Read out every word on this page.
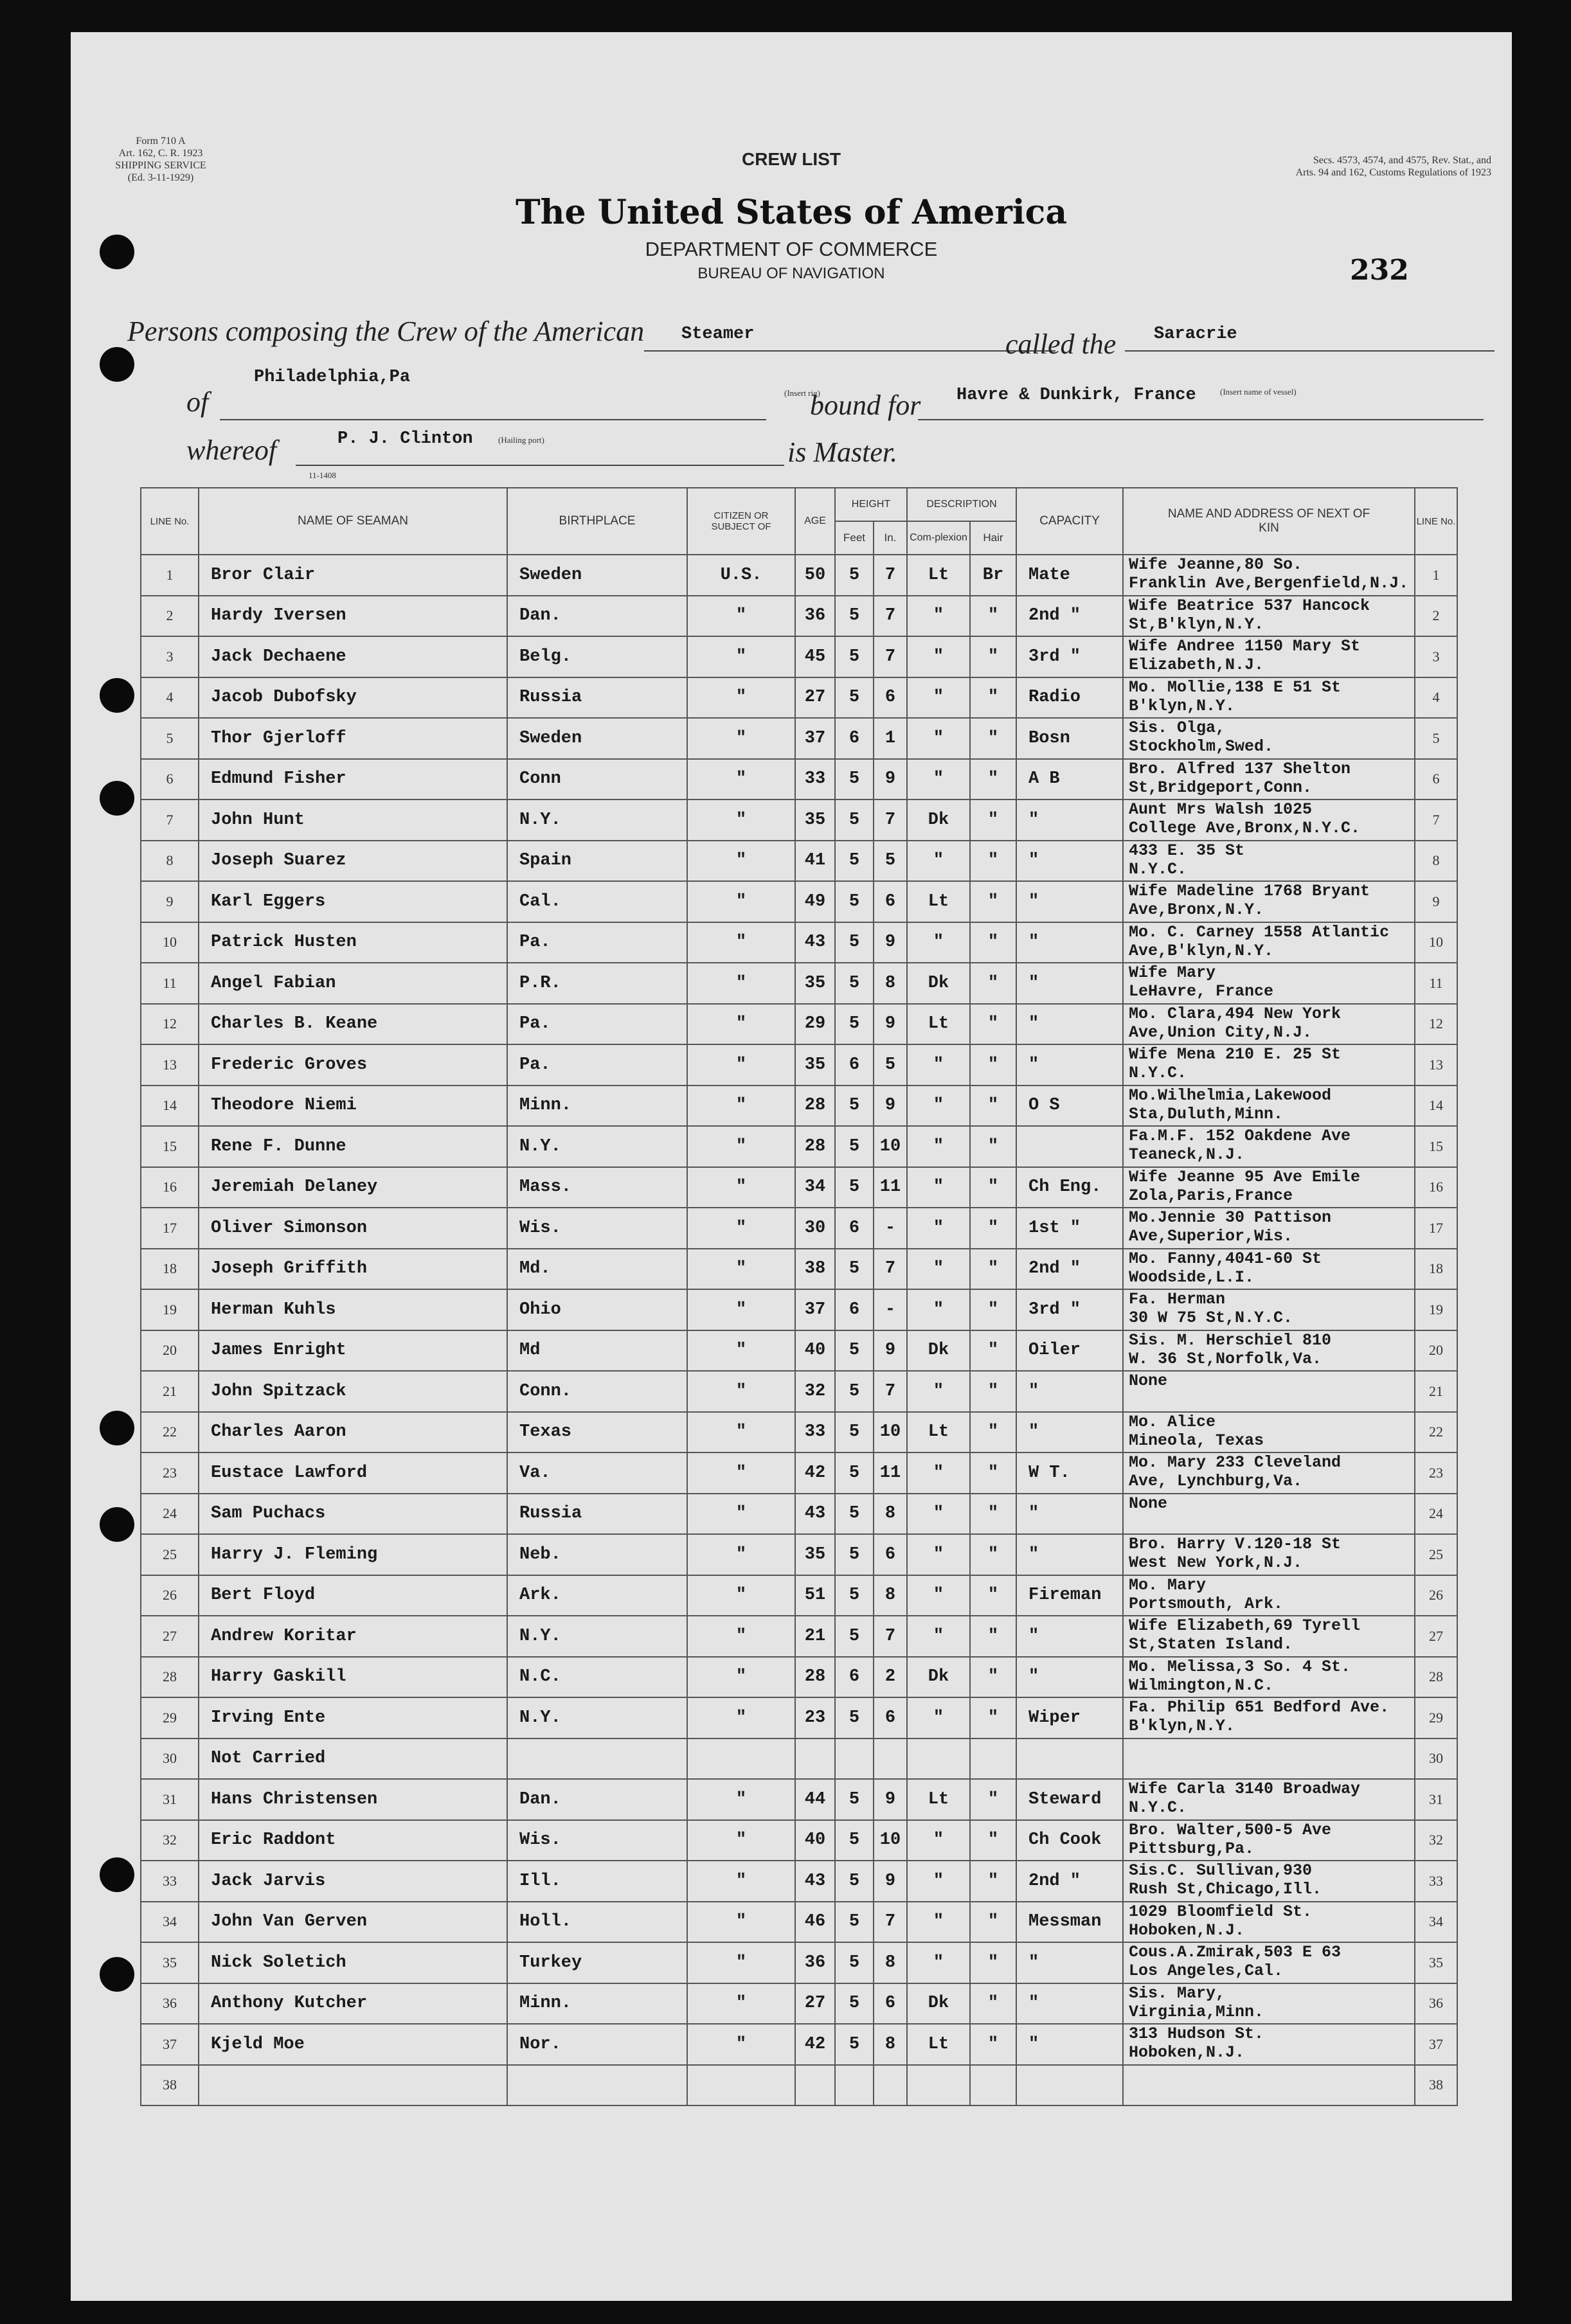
Form 710 A
Art. 162, C. R. 1923
SHIPPING SERVICE
(Ed. 3-11-1929)
Secs. 4573, 4574, and 4575, Rev. Stat., and
Arts. 94 and 162, Customs Regulations of 1923
CREW LIST
The United States of America
DEPARTMENT OF COMMERCE
BUREAU OF NAVIGATION	232
Persons composing the Crew of the American Steamer	called the Saracrie
of
Philadelphia,Pa
(Insert rig)
bound for Havre & Dunkirk, France	(Insert name of vessel)
whereof	P. J. Clinton	(Hailing port)	is Master.
11-1408
LINE No.	NAME OF SEAMAN	BIRTHPLACE	CITIZEN OR SUBJECT OF	AGE	HEIGHT		DESCRIPTION		CAPACITY	NAME AND ADDRESS OF NEXT OF KIN	LINE No.
					Feet	In.	Com-plexion	Hair			
1	Bror Clair	Sweden	U.S.	50	5	7	Lt	Br	Mate	Wife Jeanne,80 So.
Franklin Ave,Bergenfield,N.J.	1
2	Hardy Iversen	Dan.	"	36	5	7	"	"	2nd "	Wife Beatrice 537 Hancock
St,B'klyn,N.Y.	2
3	Jack Dechaene	Belg.	"	45	5	7	"	"	3rd "	Wife Andree 1150 Mary St
Elizabeth,N.J.	3
4	Jacob Dubofsky	Russia	"	27	5	6	"	"	Radio	Mo. Mollie,138 E 51 St
B'klyn,N.Y.	4
5	Thor Gjerloff	Sweden	"	37	6	1	"	"	Bosn	Sis. Olga,
Stockholm,Swed.	5
6	Edmund Fisher	Conn	"	33	5	9	"	"	A B	Bro. Alfred 137 Shelton
St,Bridgeport,Conn.	6
7	John Hunt	N.Y.	"	35	5	7	Dk	"	"	Aunt Mrs Walsh 1025
College Ave,Bronx,N.Y.C.	7
8	Joseph Suarez	Spain	"	41	5	5	"	"	"	433 E. 35 St
N.Y.C.	8
9	Karl Eggers	Cal.	"	49	5	6	Lt	"	"	Wife Madeline 1768 Bryant
Ave,Bronx,N.Y.	9
10	Patrick Husten	Pa.	"	43	5	9	"	"	"	Mo. C. Carney 1558 Atlantic
Ave,B'klyn,N.Y.	10
11	Angel Fabian	P.R.	"	35	5	8	Dk	"	"	Wife Mary
LeHavre, France	11
12	Charles B. Keane	Pa.	"	29	5	9	Lt	"	"	Mo. Clara,494 New York
Ave,Union City,N.J.	12
13	Frederic Groves	Pa.	"	35	6	5	"	"	"	Wife Mena 210 E. 25 St
N.Y.C.	13
14	Theodore Niemi	Minn.	"	28	5	9	"	"	O S	Mo.Wilhelmia,Lakewood
Sta,Duluth,Minn.	14
15	Rene F. Dunne	N.Y.	"	28	5	10	"	"		Fa.M.F. 152 Oakdene Ave
Teaneck,N.J.	15
16	Jeremiah Delaney	Mass.	"	34	5	11	"	"	Ch Eng.	Wife Jeanne 95 Ave Emile
Zola,Paris,France	16
17	Oliver Simonson	Wis.	"	30	6	-	"	"	1st "	Mo.Jennie 30 Pattison
Ave,Superior,Wis.	17
18	Joseph Griffith	Md.	"	38	5	7	"	"	2nd "	Mo. Fanny,4041-60 St
Woodside,L.I.	18
19	Herman Kuhls	Ohio	"	37	6	-	"	"	3rd "	Fa. Herman
30 W 75 St,N.Y.C.	19
20	James Enright	Md	"	40	5	9	Dk	"	Oiler	Sis. M. Herschiel 810
W. 36 St,Norfolk,Va.	20
21	John Spitzack	Conn.	"	32	5	7	"	"	"	None	21
22	Charles Aaron	Texas	"	33	5	10	Lt	"	"	Mo. Alice
Mineola, Texas	22
23	Eustace Lawford	Va.	"	42	5	11	"	"	W T.	Mo. Mary 233 Cleveland
Ave, Lynchburg,Va.	23
24	Sam Puchacs	Russia	"	43	5	8	"	"	"	None	24
25	Harry J. Fleming	Neb.	"	35	5	6	"	"	"	Bro. Harry V.120-18 St
West New York,N.J.	25
26	Bert Floyd	Ark.	"	51	5	8	"	"	Fireman	Mo. Mary
Portsmouth, Ark.	26
27	Andrew Koritar	N.Y.	"	21	5	7	"	"	"	Wife Elizabeth,69 Tyrell
St,Staten Island.	27
28	Harry Gaskill	N.C.	"	28	6	2	Dk	"	"	Mo. Melissa,3 So. 4 St.
Wilmington,N.C.	28
29	Irving Ente	N.Y.	"	23	5	6	"	"	Wiper	Fa. Philip 651 Bedford Ave.
B'klyn,N.Y.	29
30	Not Carried										30
31	Hans Christensen	Dan.	"	44	5	9	Lt	"	Steward	Wife Carla 3140 Broadway
N.Y.C.	31
32	Eric Raddont	Wis.	"	40	5	10	"	"	Ch Cook	Bro. Walter,500-5 Ave
Pittsburg,Pa.	32
33	Jack Jarvis	Ill.	"	43	5	9	"	"	2nd "	Sis.C. Sullivan,930
Rush St,Chicago,Ill.	33
34	John Van Gerven	Holl.	"	46	5	7	"	"	Messman	1029 Bloomfield St.
Hoboken,N.J.	34
35	Nick Soletich	Turkey	"	36	5	8	"	"	"	Cous.A.Zmirak,503 E 63
Los Angeles,Cal.	35
36	Anthony Kutcher	Minn.	"	27	5	6	Dk	"	"	Sis. Mary,
Virginia,Minn.	36
37	Kjeld Moe	Nor.	"	42	5	8	Lt	"	"	313 Hudson St.
Hoboken,N.J.	37
38											38
